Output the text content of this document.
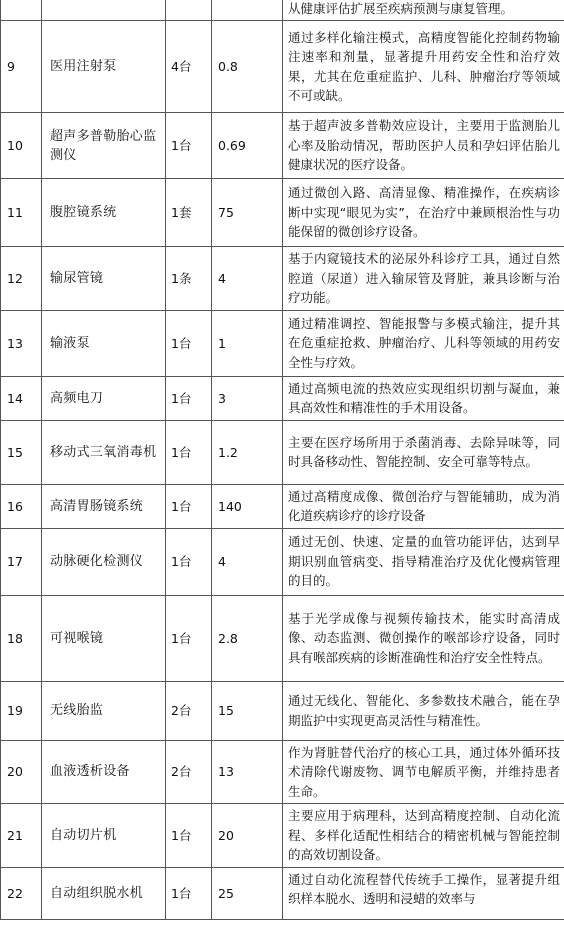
				从健康评估扩展至疾病预测与康复管理。
9	医用注射泵	4台	0.8	通过多样化输注模式，高精度智能化控制药物输注速率和剂量，显著提升用药安全性和治疗效果，尤其在危重症监护、儿科、肿瘤治疗等领域不可或缺。
10	超声多普勒胎心监测仪	1台	0.69	基于超声波多普勒效应设计，主要用于监测胎儿心率及胎动情况，帮助医护人员和孕妇评估胎儿健康状况的医疗设备。
11	腹腔镜系统	1套	75	通过微创入路、高清显像、精准操作，在疾病诊断中实现“眼见为实”，在治疗中兼顾根治性与功能保留的微创诊疗设备。
12	输尿管镜	1条	4	基于内窥镜技术的泌尿外科诊疗工具，通过自然腔道（尿道）进入输尿管及肾脏，兼具诊断与治疗功能。
13	输液泵	1台	1	通过精准调控、智能报警与多模式输注，提升其在危重症抢救、肿瘤治疗、儿科等领域的用药安全性与疗效。
14	高频电刀	1台	3	通过高频电流的热效应实现组织切割与凝血，兼具高效性和精准性的手术用设备。
15	移动式三氧消毒机	1台	1.2	主要在医疗场所用于杀菌消毒、去除异味等，同时具备移动性、智能控制、安全可靠等特点。
16	高清胃肠镜系统	1台	140	通过高精度成像、微创治疗与智能辅助，成为消化道疾病诊疗的诊疗设备
17	动脉硬化检测仪	1台	4	通过无创、快速、定量的血管功能评估，达到早期识别血管病变、指导精准治疗及优化慢病管理的目的。
18	可视喉镜	1台	2.8	基于光学成像与视频传输技术，能实时高清成像、动态监测、微创操作的喉部诊疗设备，同时具有喉部疾病的诊断准确性和治疗安全性特点。
19	无线胎监	2台	15	通过无线化、智能化、多参数技术融合，能在孕期监护中实现更高灵活性与精准性。
20	血液透析设备	2台	13	作为肾脏替代治疗的核心工具，通过体外循环技术清除代谢废物、调节电解质平衡，并维持患者生命。
21	自动切片机	1台	20	主要应用于病理科，达到高精度控制、自动化流程、多样化适配性相结合的精密机械与智能控制的高效切割设备。
22	自动组织脱水机	1台	25	通过自动化流程替代传统手工操作，显著提升组织样本脱水、透明和浸蜡的效率与
